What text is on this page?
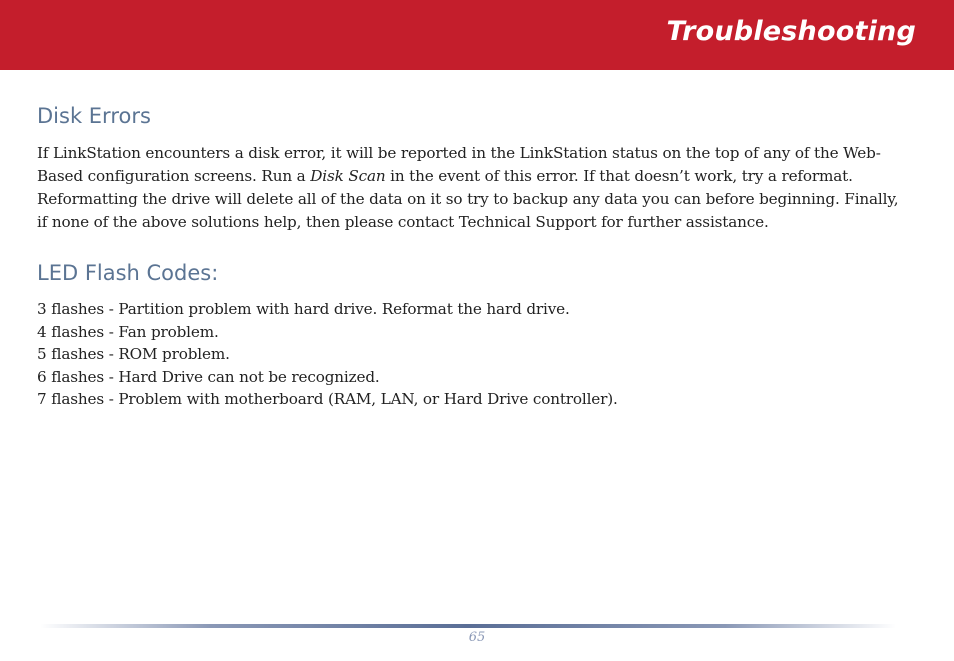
Troubleshooting
Disk Errors

If LinkStation encounters a disk error, it will be reported in the LinkStation status on the top of any of the Web-Based configuration screens. Run a Disk Scan in the event of this error. If that doesn’t work, try a reformat. Reformatting the drive will delete all of the data on it so try to backup any data you can before beginning. Finally, if none of the above solutions help, then please contact Technical Support for further assistance.

LED Flash Codes:
3 flashes - Partition problem with hard drive. Reformat the hard drive.
4 flashes - Fan problem.
5 flashes - ROM problem.
6 flashes - Hard Drive can not be recognized.
7 flashes - Problem with motherboard (RAM, LAN, or Hard Drive controller).
65
